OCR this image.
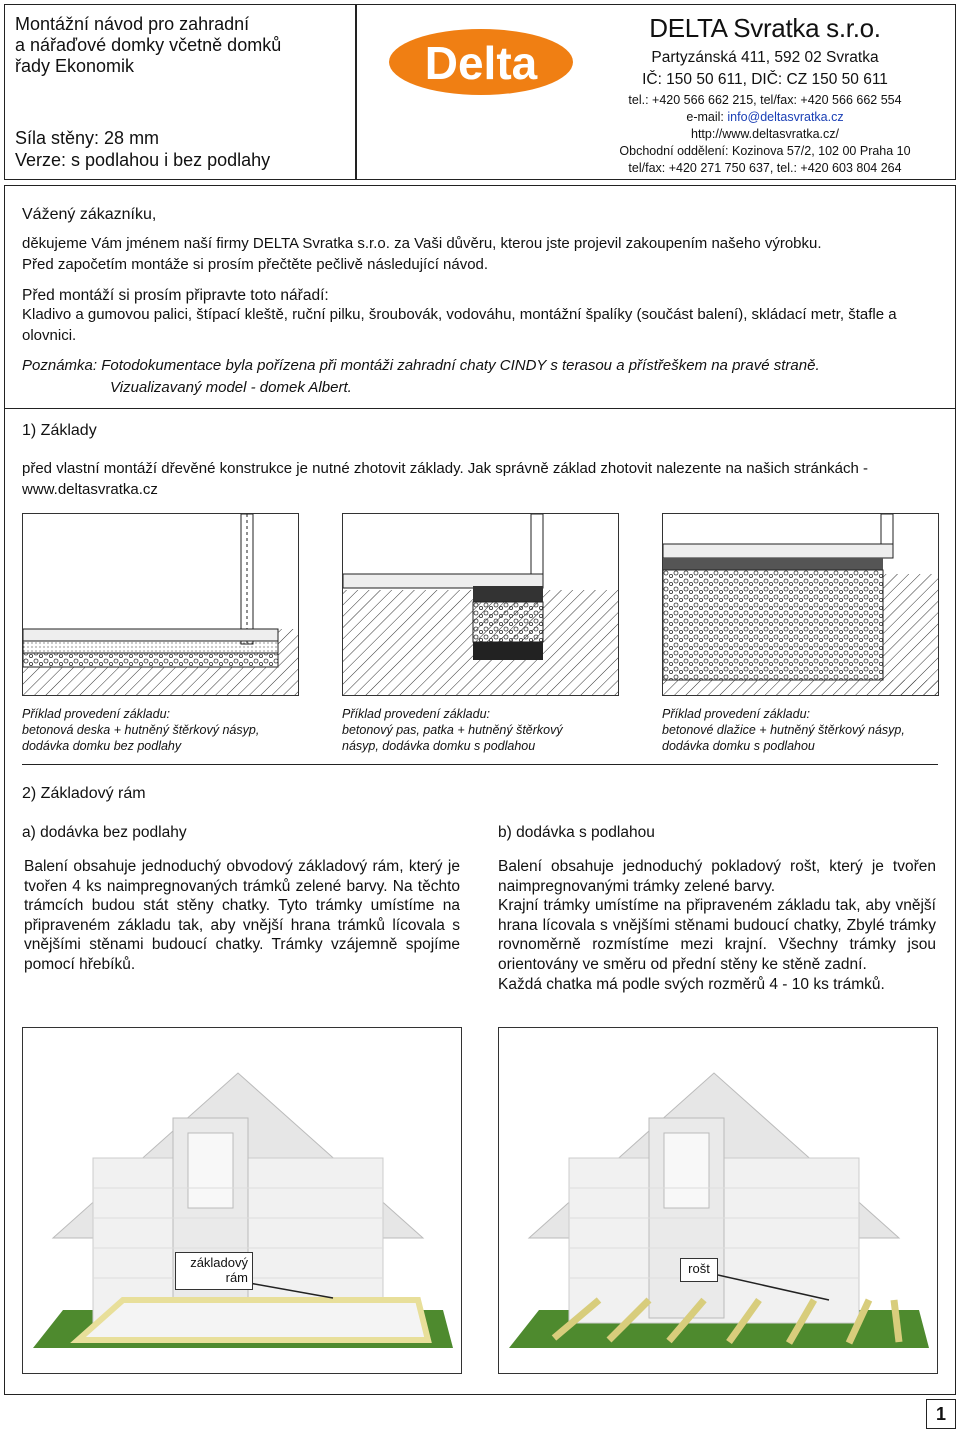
Montážní návod pro zahradní
a nářaďové domky včetně domků
řady Ekonomik
Síla stěny: 28 mm
Verze: s podlahou i bez podlahy
Delta
DELTA Svratka s.r.o.
Partyzánská 411, 592 02 Svratka
IČ: 150 50 611, DIČ: CZ 150 50 611
tel.: +420 566 662 215, tel/fax: +420 566 662 554
e-mail: info@deltasvratka.cz
http://www.deltasvratka.cz/
Obchodní oddělení: Kozinova 57/2, 102 00 Praha 10
tel/fax: +420 271 750 637, tel.: +420 603 804 264
Vážený zákazníku,
děkujeme Vám jménem naší firmy DELTA Svratka s.r.o. za Vaši důvěru, kterou jste projevil zakoupením našeho výrobku.
Před započetím montáže si prosím přečtěte pečlivě následující návod.
Před montáží si prosím připravte toto nářadí:
Kladivo a gumovou palici, štípací kleště, ruční pilku, šroubovák, vodováhu, montážní špalíky (součást balení), skládací metr, štafle a olovnici.
Poznámka: Fotodokumentace byla pořízena při montáži zahradní chaty CINDY s terasou a přístřeškem na pravé straně.
Vizualizavaný model - domek Albert.
1) Základy
před vlastní montáží dřevěné konstrukce je nutné zhotovit základy. Jak správně základ zhotovit nalezente na našich stránkách - www.deltasvratka.cz
Příklad provedení základu:
betonová deska + hutněný štěrkový násyp,
dodávka domku bez podlahy
Příklad provedení základu:
betonový pas, patka + hutněný štěrkový
násyp, dodávka domku s podlahou
Příklad provedení základu:
betonové dlažice + hutněný štěrkový násyp,
dodávka domku s podlahou
2) Základový rám
a) dodávka bez podlahy
Balení obsahuje jednoduchý obvodový základový rám, který je tvořen 4 ks naimpregnovaných trámků zelené barvy. Na těchto trámcích budou stát stěny chatky. Tyto trámky umístíme na připraveném základu tak, aby vnější hrana trámků lícovala s vnějšími stěnami budoucí chatky. Trámky vzájemně spojíme pomocí hřebíků.
b) dodávka s podlahou
Balení obsahuje jednoduchý pokladový rošt, který je tvořen naimpregnovanými trámky zelené barvy.
Krajní trámky umístíme na připraveném základu tak, aby vnější hrana lícovala s vnějšími stěnami budoucí chatky, Zbylé trámky rovnoměrně rozmístíme mezi krajní. Všechny trámky jsou orientovány ve směru od přední stěny ke stěně zadní.
Každá chatka má podle svých rozměrů 4 - 10 ks trámků.
základový
rám
rošt
1
